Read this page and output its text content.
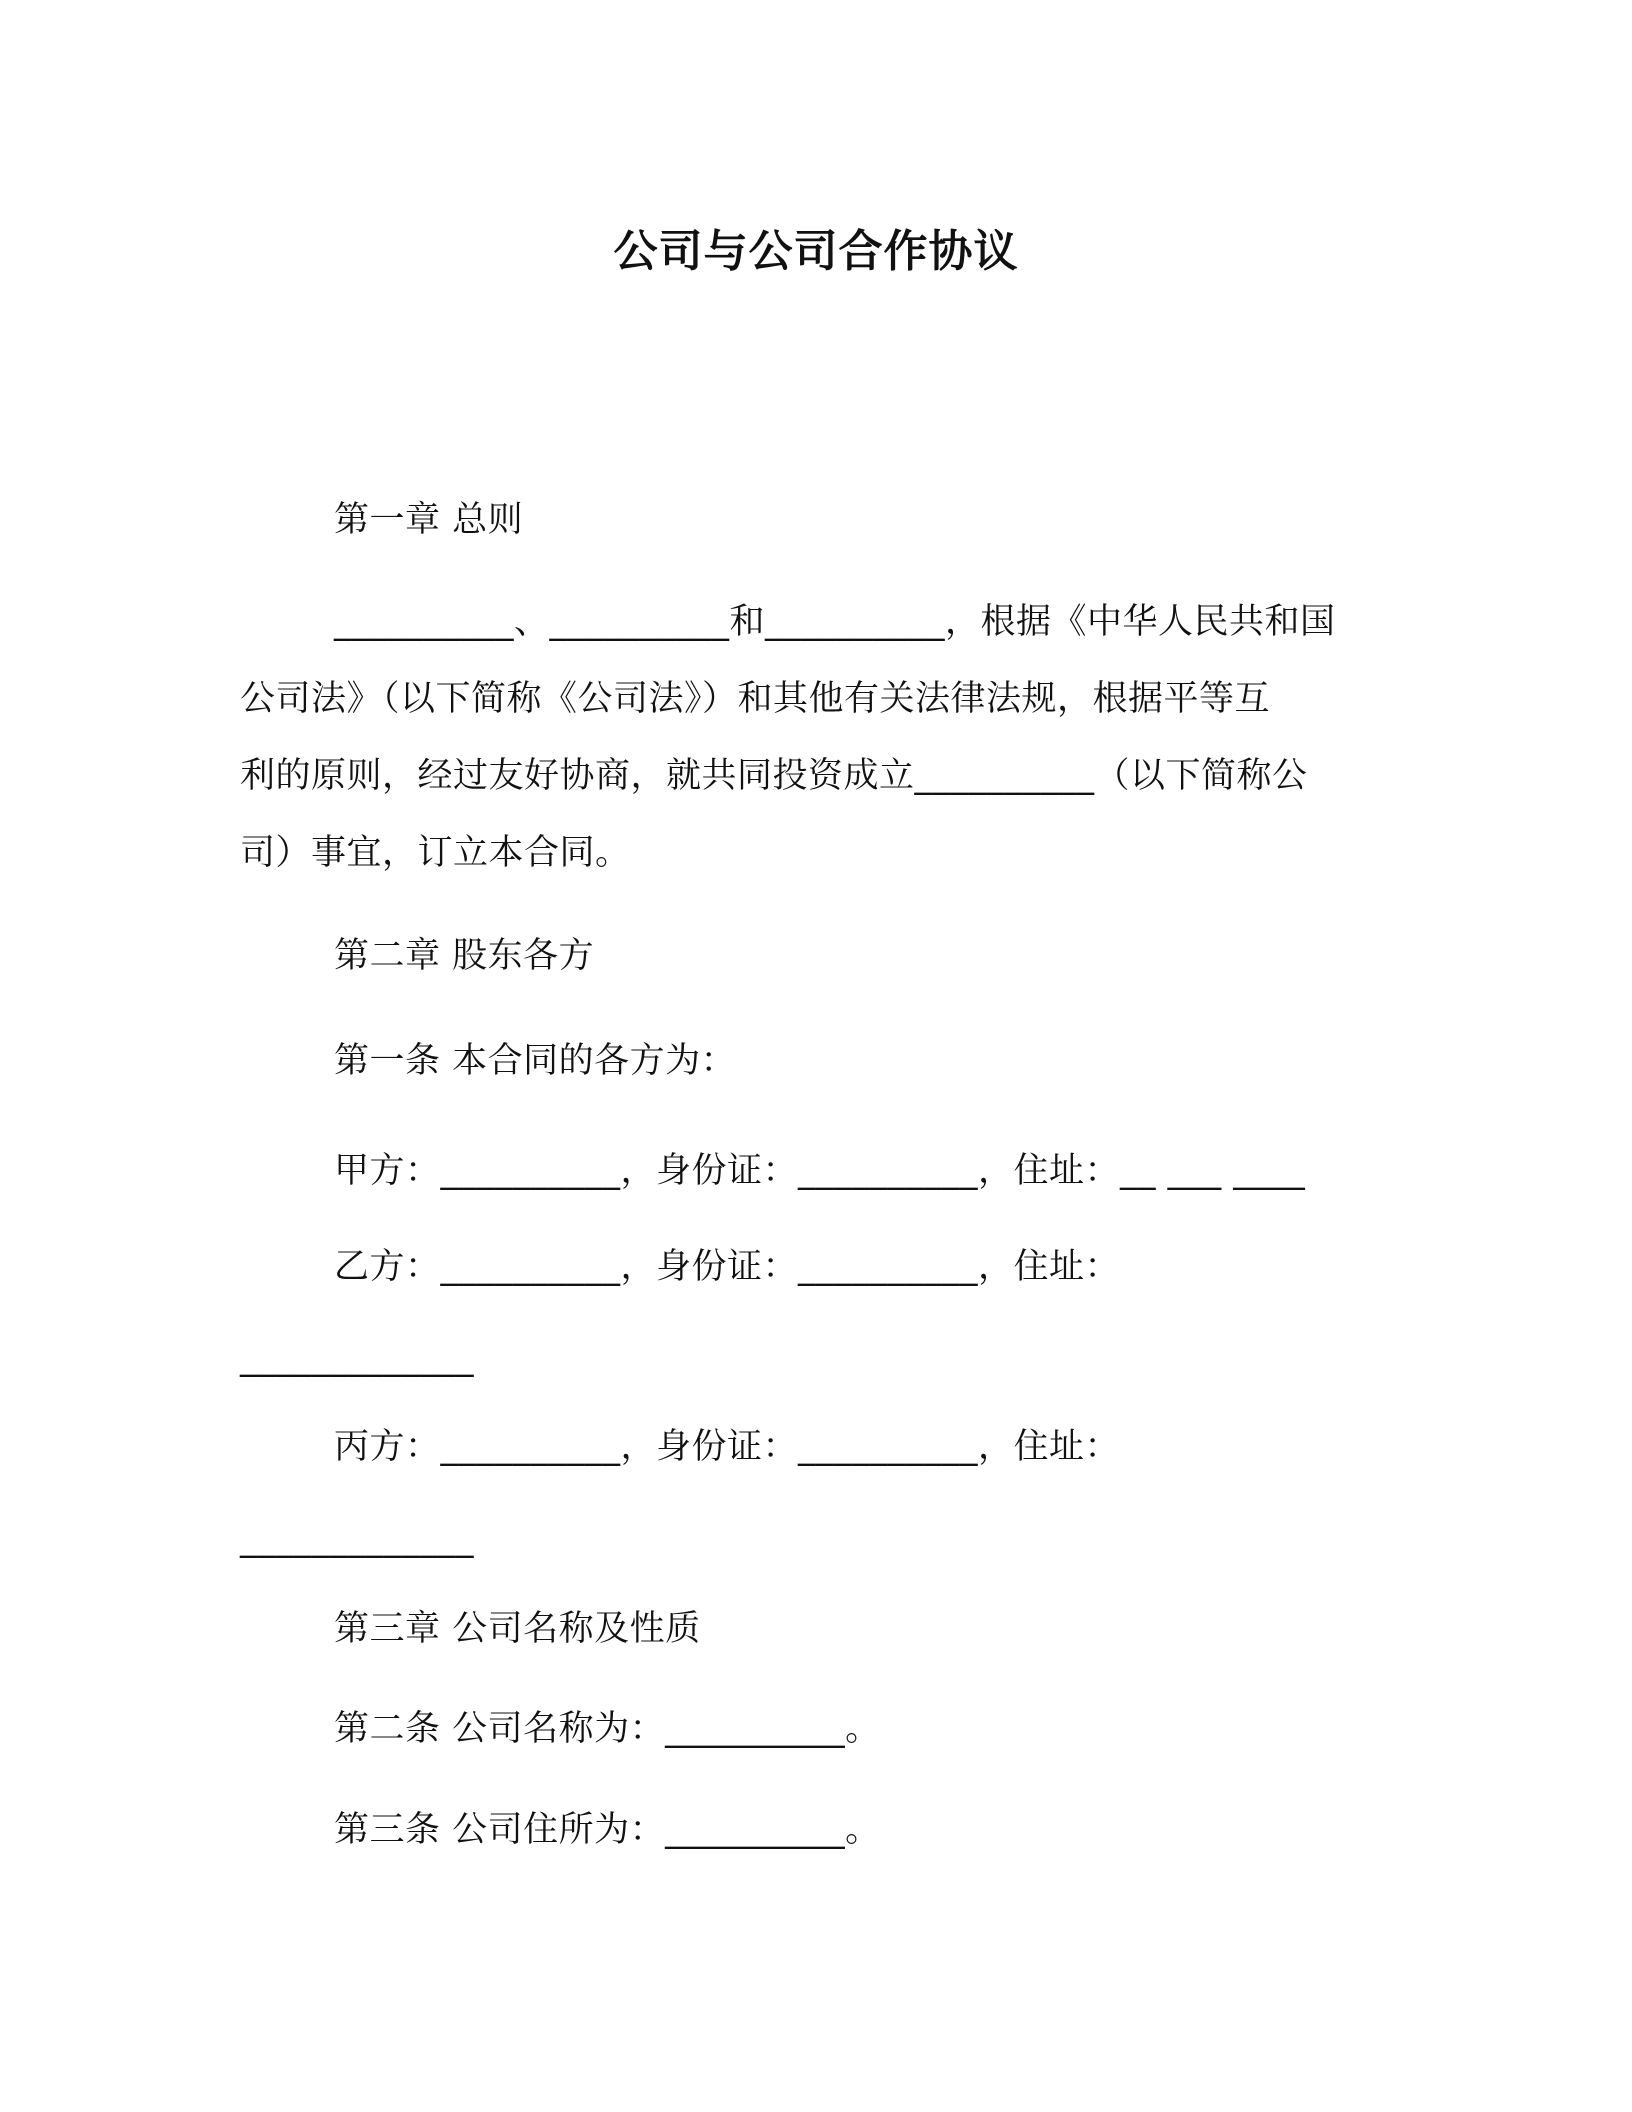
公司与公司合作协议
第一章 总则
__________、__________和__________，根据《中华人民共和国
公司法》（以下简称《公司法》）和其他有关法律法规，根据平等互
利的原则，经过友好协商，就共同投资成立__________（以下简称公
司）事宜，订立本合同。
第二章 股东各方
第一条 本合同的各方为：
甲方：__________，身份证：__________，住址：__ ___ ____
乙方：__________，身份证：__________，住址：
_____________
丙方：__________，身份证：__________，住址：
_____________
第三章 公司名称及性质
第二条 公司名称为：__________。
第三条 公司住所为：__________。
